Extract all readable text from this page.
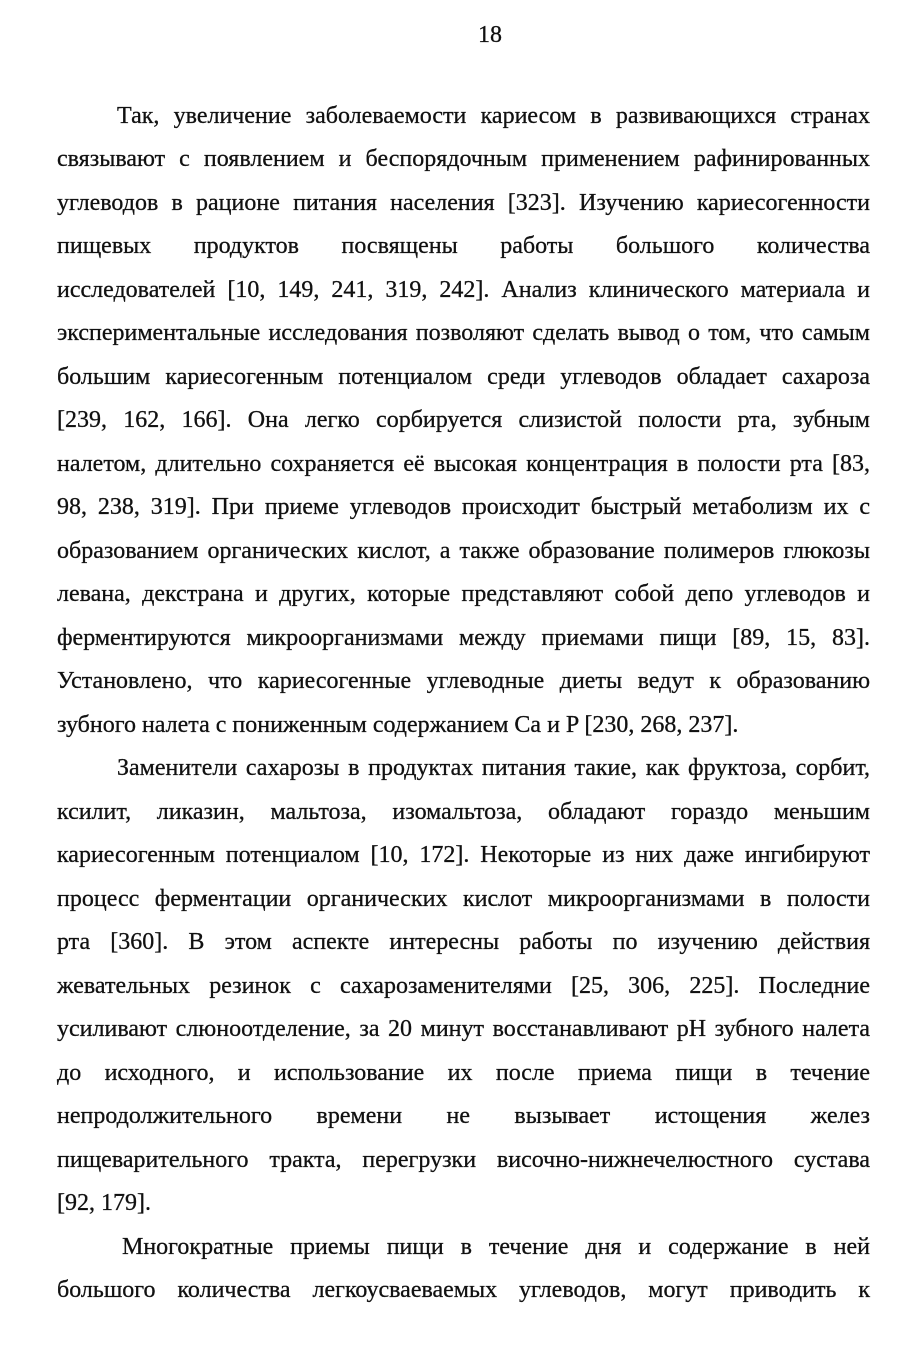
18
Так, увеличение заболеваемости кариесом в развивающихся странах
связывают с появлением и беспорядочным применением рафинированных
углеводов в рационе питания населения [323]. Изучению кариесогенности
пищевых продуктов посвящены работы большого количества
исследователей [10, 149, 241, 319, 242]. Анализ клинического материала и
экспериментальные исследования позволяют сделать вывод о том, что самым
большим кариесогенным потенциалом среди углеводов обладает сахароза
[239, 162, 166]. Она легко сорбируется слизистой полости рта, зубным
налетом, длительно сохраняется её высокая концентрация в полости рта [83,
98, 238, 319]. При приеме углеводов происходит быстрый метаболизм их с
образованием органических кислот, а также образование полимеров глюкозы
левана, декстрана и других, которые представляют собой депо углеводов и
ферментируются микроорганизмами между приемами пищи [89, 15, 83].
Установлено, что кариесогенные углеводные диеты ведут к образованию
зубного налета с пониженным содержанием Ca и P [230, 268, 237].
Заменители сахарозы в продуктах питания такие, как фруктоза, сорбит,
ксилит, ликазин, мальтоза, изомальтоза, обладают гораздо меньшим
кариесогенным потенциалом [10, 172]. Некоторые из них даже ингибируют
процесс ферментации органических кислот микроорганизмами в полости
рта [360]. В этом аспекте интересны работы по изучению действия
жевательных резинок с сахарозаменителями [25, 306, 225]. Последние
усиливают слюноотделение, за 20 минут восстанавливают pH зубного налета
до исходного, и использование их после приема пищи в течение
непродолжительного времени не вызывает истощения желез
пищеварительного тракта, перегрузки височно-нижнечелюстного сустава
[92, 179].
Многократные приемы пищи в течение дня и содержание в ней
большого количества легкоусваеваемых углеводов, могут приводить к
